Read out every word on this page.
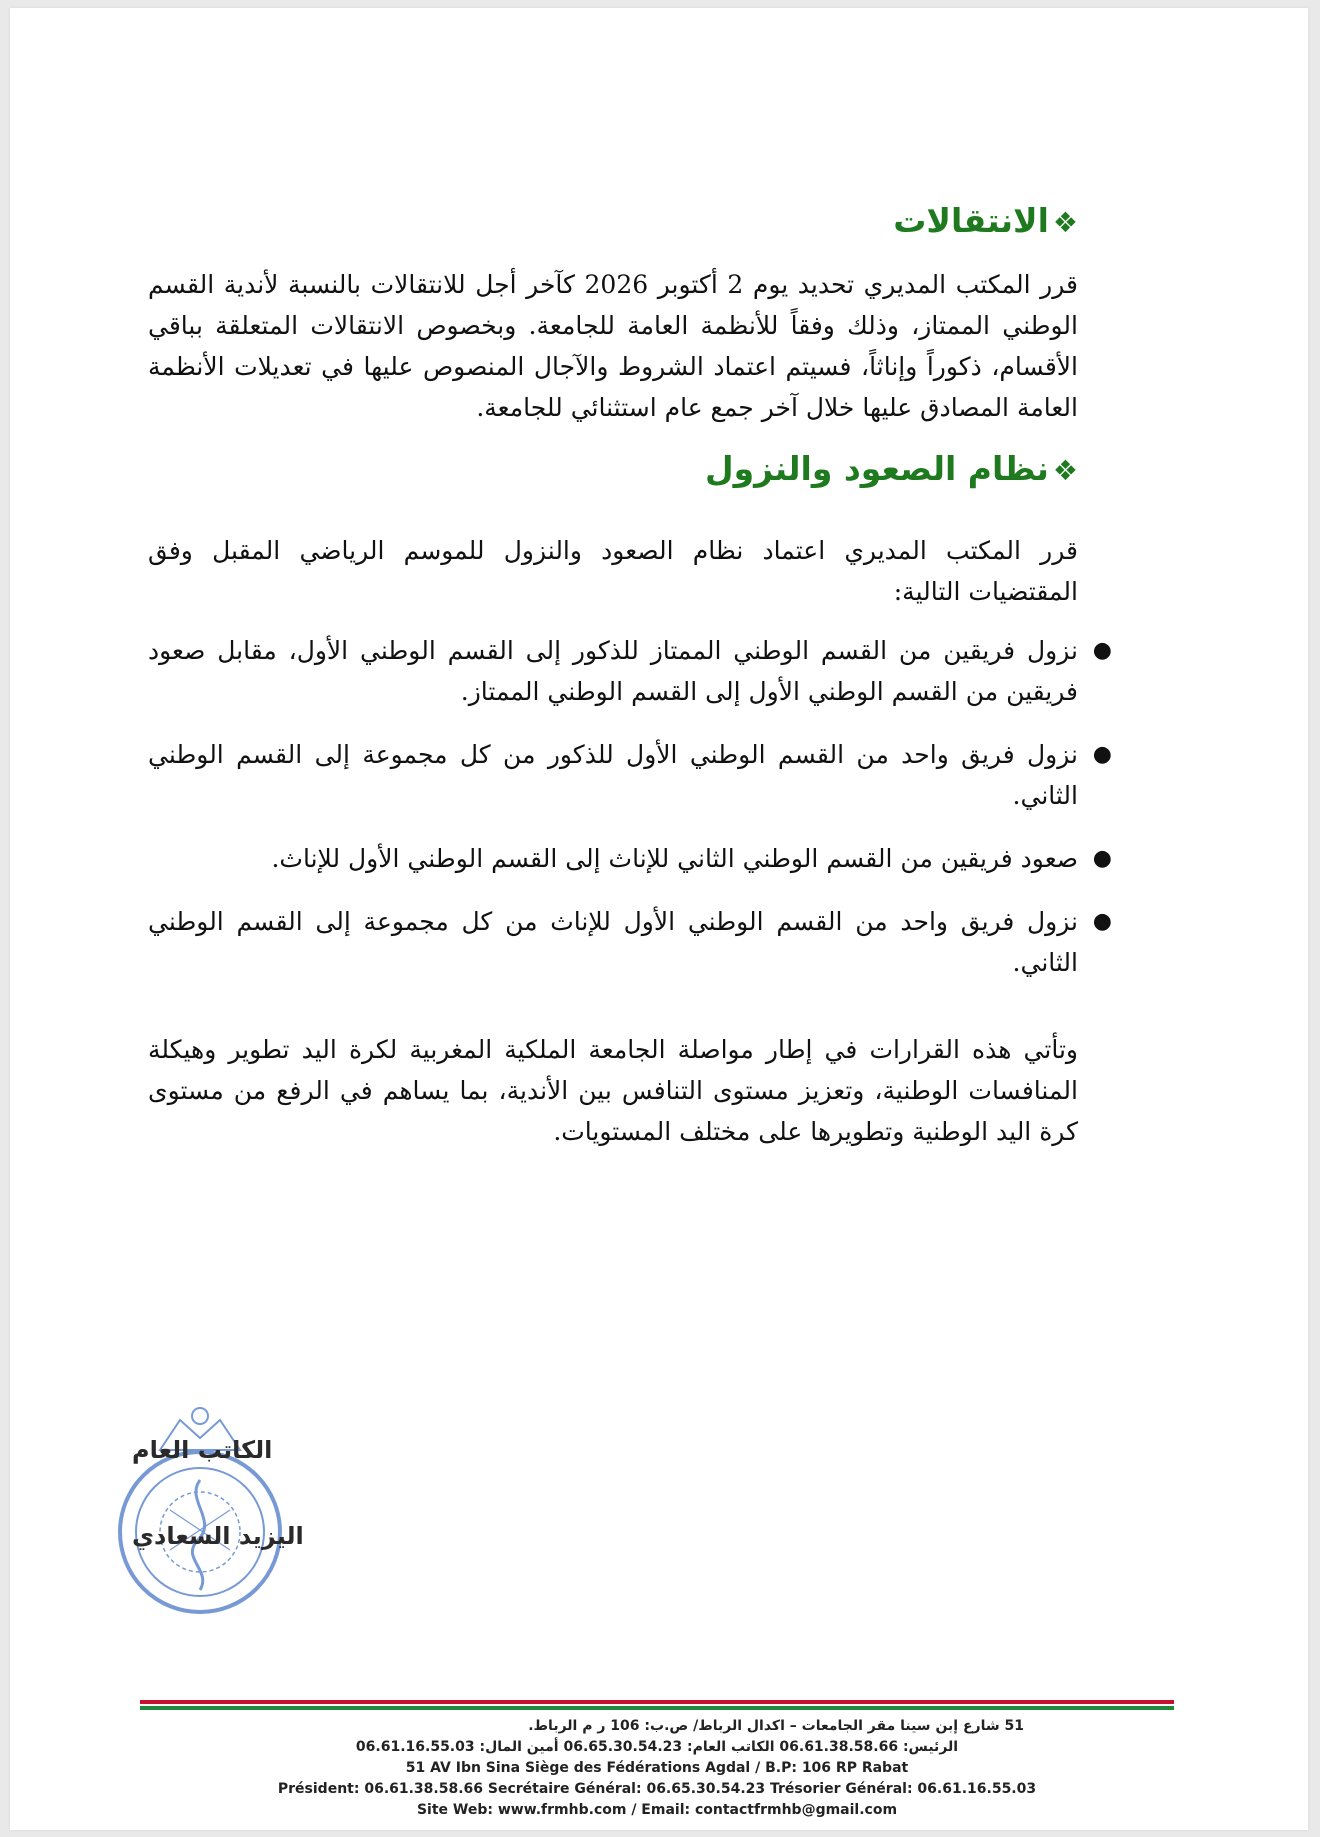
❖الانتقالات

قرر المكتب المديري تحديد يوم 2 أكتوبر 2026 كآخر أجل للانتقالات بالنسبة لأندية القسم الوطني الممتاز، وذلك وفقاً للأنظمة العامة للجامعة. وبخصوص الانتقالات المتعلقة بباقي الأقسام، ذكوراً وإناثاً، فسيتم اعتماد الشروط والآجال المنصوص عليها في تعديلات الأنظمة العامة المصادق عليها خلال آخر جمع عام استثنائي للجامعة.

❖نظام الصعود والنزول

قرر المكتب المديري اعتماد نظام الصعود والنزول للموسم الرياضي المقبل وفق المقتضيات التالية:

●
نزول فريقين من القسم الوطني الممتاز للذكور إلى القسم الوطني الأول، مقابل صعود فريقين من القسم الوطني الأول إلى القسم الوطني الممتاز.
●
نزول فريق واحد من القسم الوطني الأول للذكور من كل مجموعة إلى القسم الوطني الثاني.
●
صعود فريقين من القسم الوطني الثاني للإناث إلى القسم الوطني الأول للإناث.
●
نزول فريق واحد من القسم الوطني الأول للإناث من كل مجموعة إلى القسم الوطني الثاني.

وتأتي هذه القرارات في إطار مواصلة الجامعة الملكية المغربية لكرة اليد تطوير وهيكلة المنافسات الوطنية، وتعزيز مستوى التنافس بين الأندية، بما يساهم في الرفع من مستوى كرة اليد الوطنية وتطويرها على مختلف المستويات.

الكاتب العام
اليزيد السعادي
51 شارع إبن سينا مقر الجامعات – اكدال الرباط/ ص.ب: 106 ر م الرباط.
الرئيس: 06.61.38.58.66 الكاتب العام: 06.65.30.54.23 أمين المال: 06.61.16.55.03
51 AV Ibn Sina Siège des Fédérations Agdal / B.P: 106 RP Rabat
Président: 06.61.38.58.66 Secrétaire Général: 06.65.30.54.23 Trésorier Général: 06.61.16.55.03
Site Web: www.frmhb.com / Email: contactfrmhb@gmail.com
